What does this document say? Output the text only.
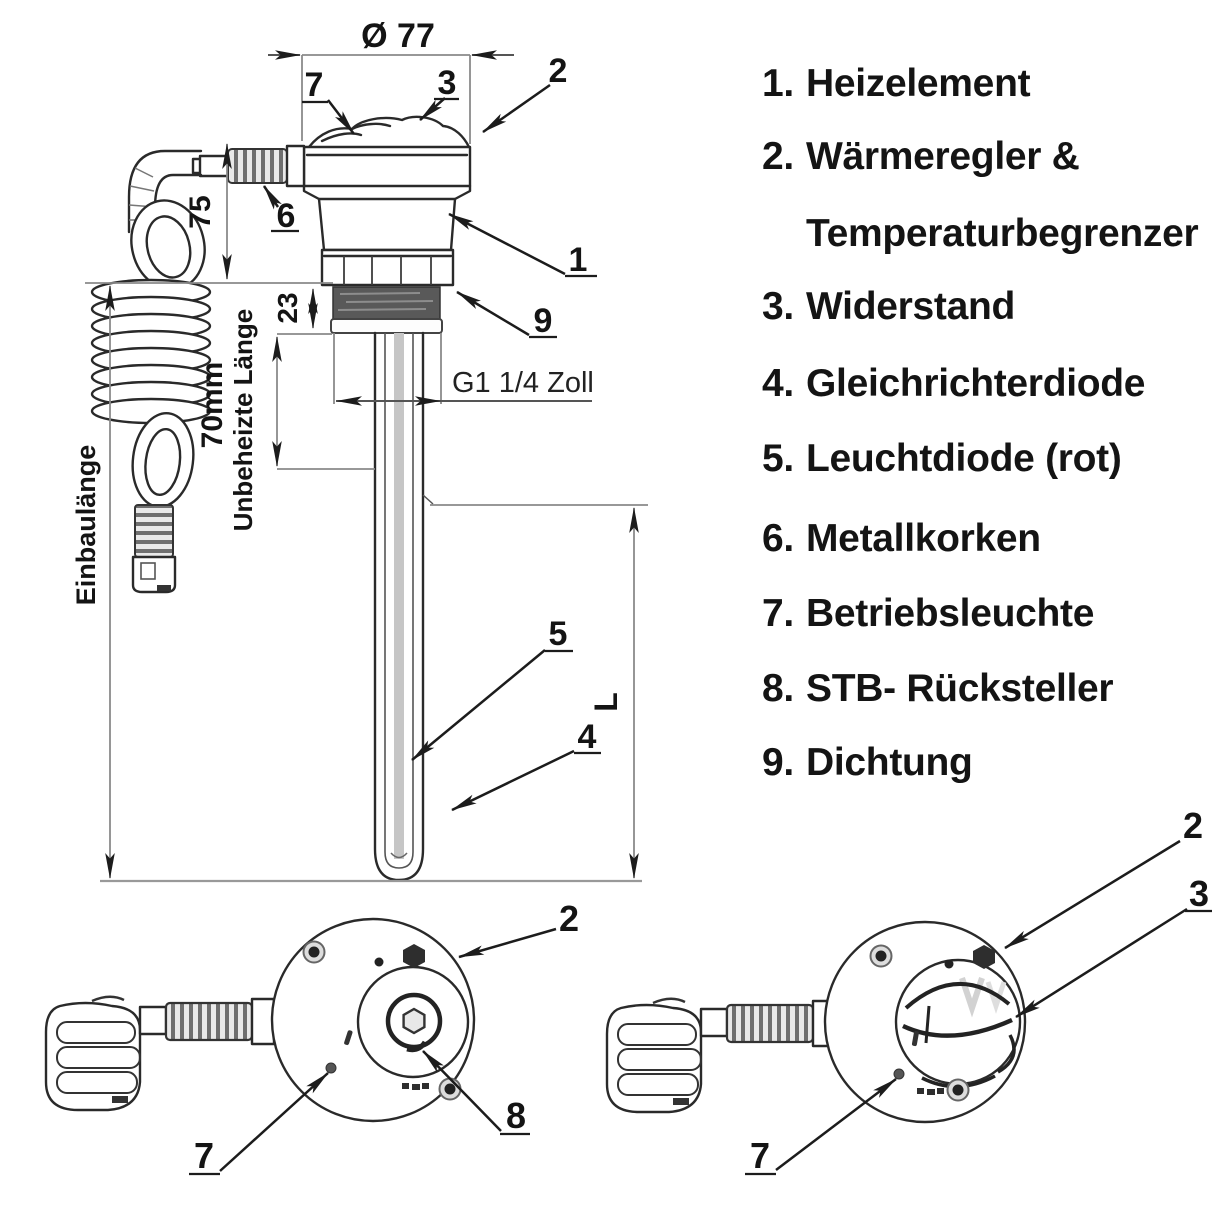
Ø 77
Einbaulänge
75
23
70mm Unbeheizte Länge	G1 1/4 Zoll
L
7	3	2
6
1
9
5
4
2
8
7
2
3
7
1. Heizelement
2. Wärmeregler &
Temperaturbegrenzer
3. Widerstand
4. Gleichrichterdiode
5. Leuchtdiode (rot)
6. Metallkorken
7. Betriebsleuchte
8. STB- Rücksteller
9. Dichtung
